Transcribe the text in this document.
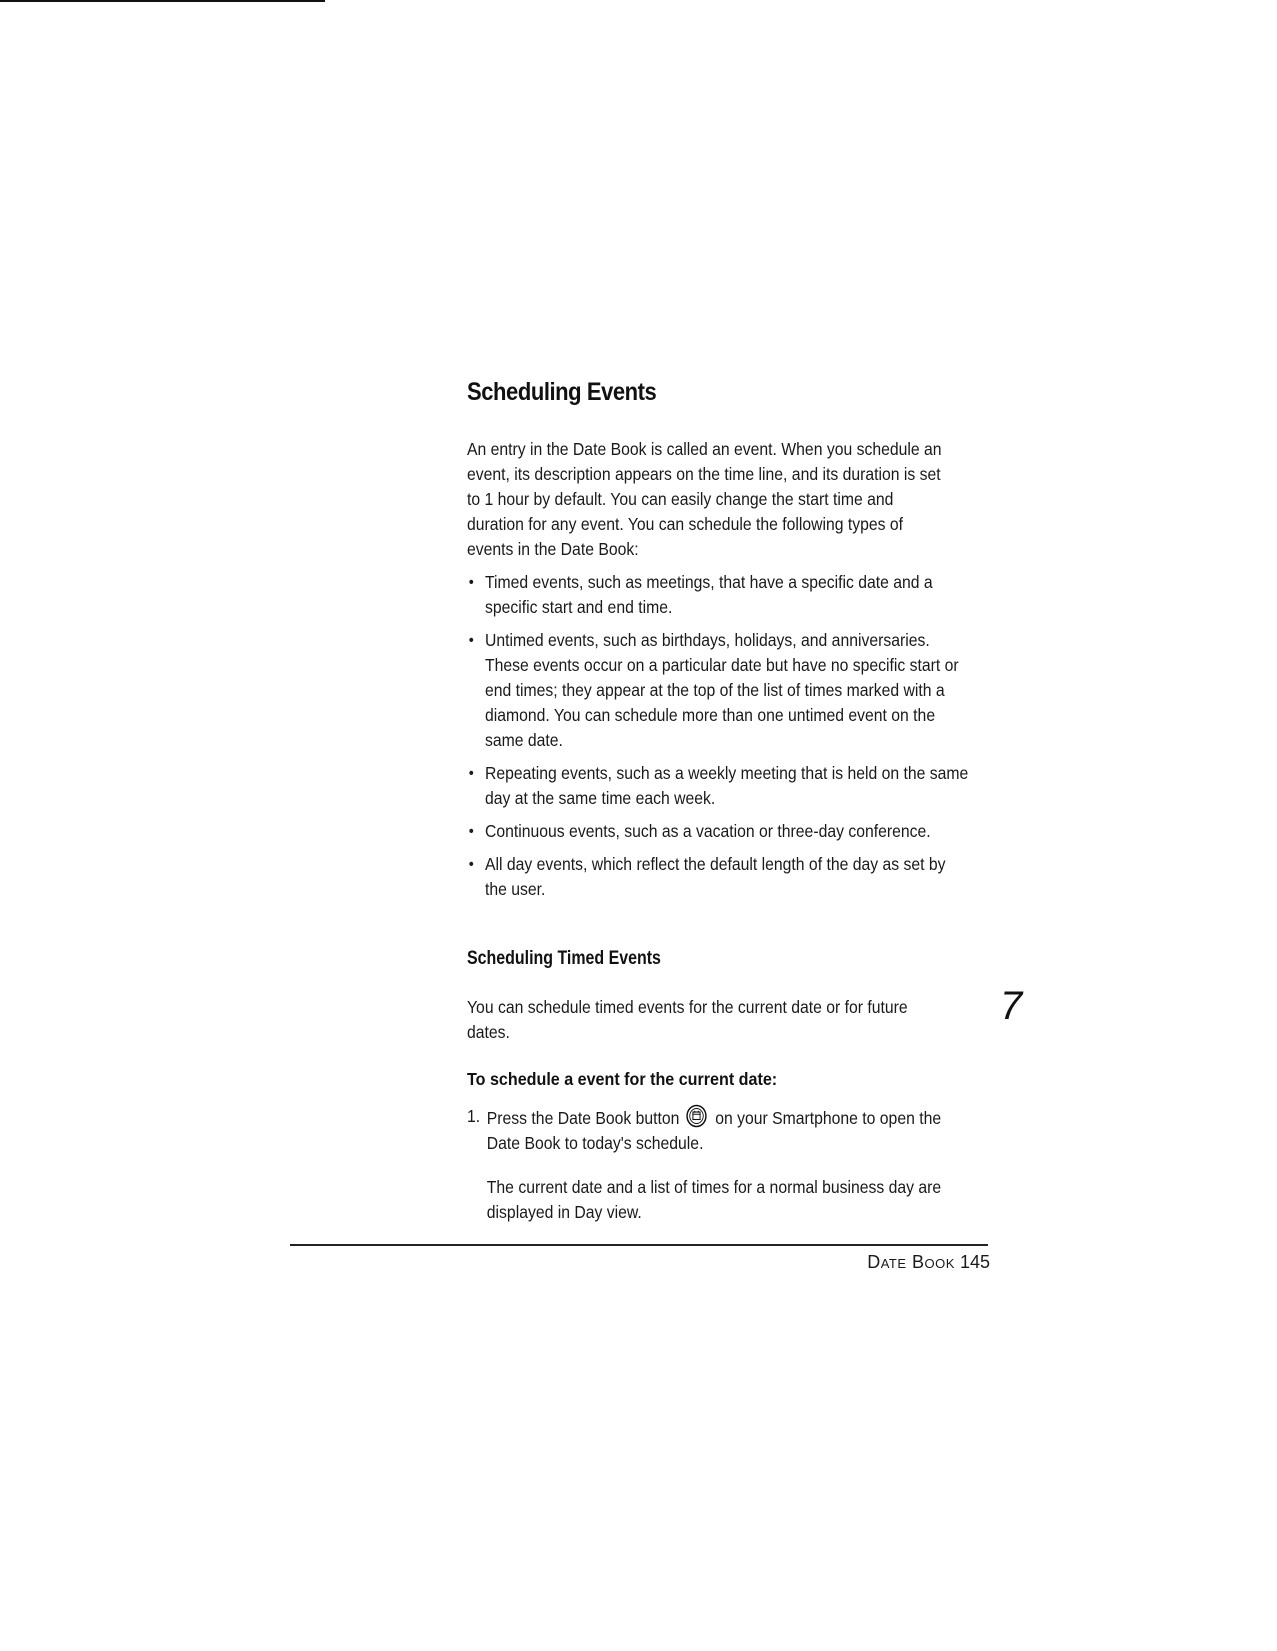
Scheduling Events
An entry in the Date Book is called an event. When you schedule an event, its description appears on the time line, and its duration is set to 1 hour by default. You can easily change the start time and duration for any event. You can schedule the following types of events in the Date Book:
• Timed events, such as meetings, that have a specific date and a specific start and end time.
• Untimed events, such as birthdays, holidays, and anniversaries. These events occur on a particular date but have no specific start or end times; they appear at the top of the list of times marked with a diamond. You can schedule more than one untimed event on the same date.
• Repeating events, such as a weekly meeting that is held on the same day at the same time each week.
• Continuous events, such as a vacation or three-day conference.
• All day events, which reflect the default length of the day as set by the user.
Scheduling Timed Events
You can schedule timed events for the current date or for future dates.
To schedule a event for the current date:
1. Press the Date Book button on your Smartphone to open the Date Book to today's schedule.
The current date and a list of times for a normal business day are displayed in Day view.
7
Date Book 145
